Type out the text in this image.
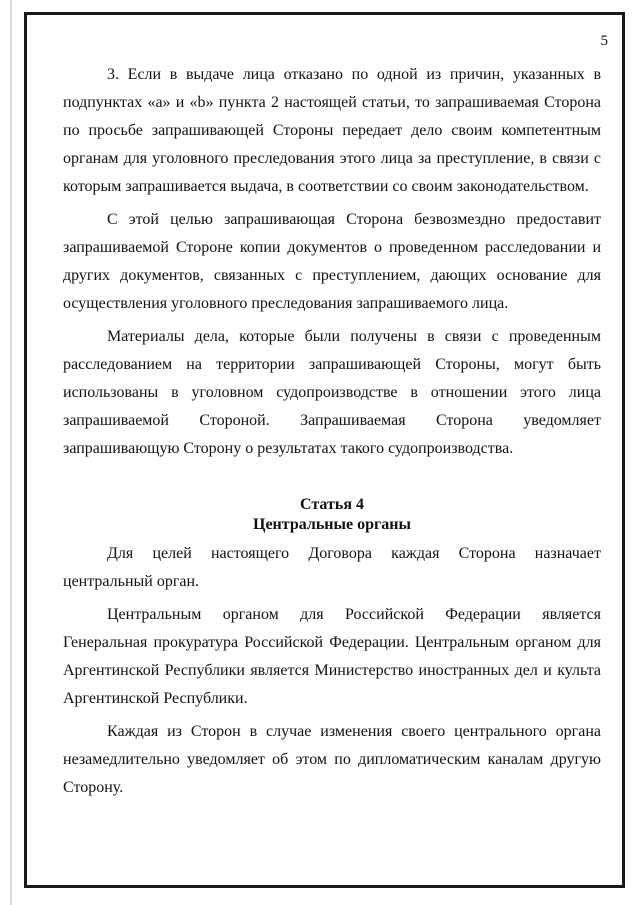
5

3. Если в выдаче лица отказано по одной из причин, указанных в подпунктах «а» и «b» пункта 2 настоящей статьи, то запрашиваемая Сторона по просьбе запрашивающей Стороны передает дело своим компетентным органам для уголовного преследования этого лица за преступление, в связи с которым запрашивается выдача, в соответствии со своим законодательством.

С этой целью запрашивающая Сторона безвозмездно предоставит запрашиваемой Стороне копии документов о проведенном расследовании и других документов, связанных с преступлением, дающих основание для осуществления уголовного преследования запрашиваемого лица.

Материалы дела, которые были получены в связи с проведенным расследованием на территории запрашивающей Стороны, могут быть использованы в уголовном судопроизводстве в отношении этого лица запрашиваемой Стороной. Запрашиваемая Сторона уведомляет запрашивающую Сторону о результатах такого судопроизводства.

Статья 4
Центральные органы

Для целей настоящего Договора каждая Сторона назначает центральный орган.

Центральным органом для Российской Федерации является Генеральная прокуратура Российской Федерации. Центральным органом для Аргентинской Республики является Министерство иностранных дел и культа Аргентинской Республики.

Каждая из Сторон в случае изменения своего центрального органа незамедлительно уведомляет об этом по дипломатическим каналам другую Сторону.
